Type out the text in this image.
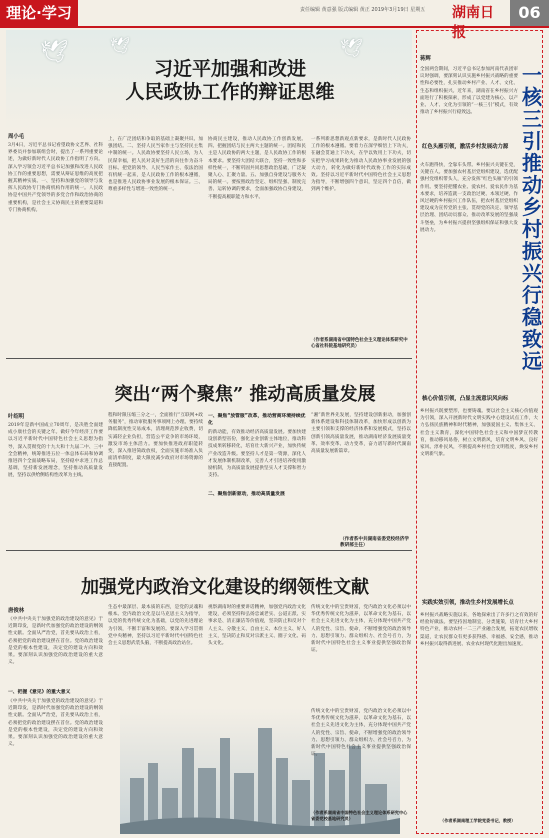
理论·学习	责任编辑 黄意强 版式编辑 黄正 2019年3月19日 星期五	湖南日报
06
🕊	🕊	🕊
习近平加强和改进
人民政协工作的辩证思维
周小毛
3月4日，习近平总书记看望政协文艺界、社科界委员并参加联组会时，提出了一系列重要论述，为做好新时代人民政协工作指明了方向。深入学习领会习近平总书记加强和改进人民政协工作的重要思想，需要从辩证思维的高度把握其精神实质。一、坚持和加强党的领导与发挥人民政协专门协商机构作用的统一。人民政协是中国共产党领导的多党合作和政治协商的重要机构，是社会主义协商民主的重要渠道和专门协商机构。
上，在广泛团结和争取的基础上凝聚共识、加强团结。二、坚持人民当家作主与坚持民主集中制的统一。人民政协要坚持人民立场，为人民谋幸福，把人民对美好生活的向往作为奋斗目标。把党的领导、人民当家作主、依法治国有机统一起来，是人民政协工作的根本遵循，也是推进人民政协事业发展的根本保证。三、尊重多样性与增进一致性的统一。
协商民主建设，推动人民政协工作创新发展。四、把握团结与民主两大主题的统一。团结和民主是人民政协的两大主题，是人民政协工作的根本要求。要坚持大团结大联合，坚持一致性和多样性统一，不断巩固共同思想政治基础，广泛凝聚人心、汇聚力量。五、加强自身建设与服务大局的统一。要按照政治坚定、组织坚强、制度完善、运转协调的要求，全面加强政协自身建设，不断提高履职能力和水平。
一系列新思想新观点新要求，是新时代人民政协工作的根本遵循。要着力在深学细悟上下功夫，在融会贯通上下功夫，在学以致用上下功夫，切实把学习成果转化为推动人民政协事业发展的强大动力，转化为做好新时代政协工作的实际成效。坚持以习近平新时代中国特色社会主义思想为指导，不断增强四个意识，坚定四个自信，做到两个维护。
（作者系湖南省中国特色社会主义理论体系研究中心省社科院基地研究员）
突出“两个聚焦” 推动高质量发展
叶绍明
2019年是新中国成立70周年，是决胜全面建成小康社会的关键之年。做好今年经济工作要以习近平新时代中国特色社会主义思想为指导，深入贯彻党的十九大和十九届二中、三中全会精神，统筹推进五位一体总体布局和协调推进四个全面战略布局，坚持稳中求进工作总基调，坚持新发展理念，坚持推动高质量发展，坚持以供给侧结构性改革为主线。
程和时限压缩三分之一，全面推行“互联网+政务服务”，推动审批服务事项网上办理。要持续降低制度性交易成本，清理规范涉企收费，切实减轻企业负担，营造公平竞争的市场环境，激发市场主体活力。要加快推进政府职能转变，深入推进简政放权，全面实施市场准入负面清单制度，最大限度减少政府对市场资源的直接配置。
一、聚焦“放管服”改革，推动营商环境持续优化
的新动能，有效推动经济高质量发展。要加快建设创新型省份，强化企业创新主体地位，推动科技成果转移转化，培育壮大新兴产业，加快传统产业改造升级。要坚持人才是第一资源，深化人才发展体制机制改革，完善人才引进培养使用激励机制，为高质量发展提供坚实人才支撑和智力支持。
二、聚焦创新驱动，推动高质量发展
“湘”新世界先发展，坚持建设创新驱动，加强创新体系建设和科技体制改革，加快形成以创新为主要引领和支撑的经济体系和发展模式，坚持以创新引领高质量发展，推动湖南经济发展质量变革、效率变革、动力变革，奋力谱写新时代湖南高质量发展新篇章。
（作者系中共湖南省委党校经济学教研部主任）
加强党内政治文化建设的纲领性文献
唐俊林
《中共中央关于加强党的政治建设的意见》于近期印发，是新时代加强党的政治建设的纲领性文献。全面从严治党，首先要从政治上看，必须把党的政治建设摆在首位。党的政治建设是党的根本性建设，决定党的建设方向和效果。要深刻认识加强党的政治建设的重大意义。
一、把握《意见》的重大意义
《中共中央关于加强党的政治建设的意见》于近期印发，是新时代加强党的政治建设的纲领性文献。全面从严治党，首先要从政治上看，必须把党的政治建设摆在首位。党的政治建设是党的根本性建设，决定党的建设方向和效果。要深刻认识加强党的政治建设的重大意义。
生态中最深层、最本质的东西，是党的灵魂和根本。党内政治文化是以马克思主义为指导，以党的优秀传统文化为基础，以党的先进理论为引领，不断丰富和发展的。要深入学习贯彻党中央精神，坚持以习近平新时代中国特色社会主义思想武装头脑，不断提高政治站位。
视察湖南时的重要讲话精神，加强党内政治文化建设，必须坚持和弘扬忠诚老实、公道正派、实事求是、清正廉洁等价值观，坚决防止和反对个人主义、分散主义、自由主义、本位主义、好人主义，坚决防止和反对宗派主义、圈子文化、码头文化。
传统文化中的宝贵财富，党内政治文化必须以中华优秀传统文化为滋养，以革命文化为基石，以社会主义先进文化为主体，充分体现中国共产党人的党性、宗旨、使命，不断增强党的政治领导力、思想引领力、群众组织力、社会号召力，为新时代中国特色社会主义事业提供坚强政治保证。
传统文化中的宝贵财富，党内政治文化必须以中华优秀传统文化为滋养，以革命文化为基石，以社会主义先进文化为主体，充分体现中国共产党人的党性、宗旨、使命，不断增强党的政治领导力、思想引领力、群众组织力、社会号召力，为新时代中国特色社会主义事业提供坚强政治保证。
（作者系湖南省中国特色社会主义理论体系研究中心省委党校基地研究员）
一核三引推动乡村振兴行稳致远
蒋辉
全国两会期间，习近平总书记参加河南代表团审议时强调，要深刻认识实施乡村振兴战略的重要性和必要性，扎实推动乡村产业、人才、文化、生态和组织振兴。近年来，湖南省在乡村振兴方面进行了积极探索，形成了以党建为核心、以产业、人才、文化为引领的“一核三引”模式，有效推动了乡村振兴行稳致远。
红色头雁引领，激活乡村发展动力源
火车跑得快，全靠车头带。乡村振兴关键在党，关键在人。要加强农村基层党组织建设，选优配强村党组织带头人，充分发挥“红色头雁”的引领作用。要坚持把懂农业、爱农村、爱农民作为基本要求，培养造就一支政治过硬、本领过硬、作风过硬的乡村振兴工作队伍，把农村基层党组织建设成为宣传党的主张、贯彻党的决定、领导基层治理、团结动员群众、推动改革发展的坚强战斗堡垒，为乡村振兴提供坚强组织保证和强大发展动力。
核心价值引领，凸显主流意识风向标
乡村振兴既要塑形，也要铸魂。要以社会主义核心价值观为引领，深入开展新时代文明实践中心建设试点工作，大力弘扬民族精神和时代精神，加强爱国主义、集体主义、社会主义教育，深化中国特色社会主义和中国梦宣传教育，推动移风易俗，树立文明新风，培育文明乡风、良好家风、淳朴民风，不断提高乡村社会文明程度，焕发乡村文明新气象。
实践实效引领，推动生乡村发展增长点
乡村振兴战略实施以来，各地探索出了许多行之有效的好经验好做法。要坚持因地制宜、分类施策，培育壮大乡村特色产业，推动农村一二三产业融合发展，拓宽农民增收渠道，让农民群众有更多获得感、幸福感、安全感，推动乡村振兴取得新进展、农业农村现代化跑出加速度。
（作者系湖南理工学院党委书记，教授）
